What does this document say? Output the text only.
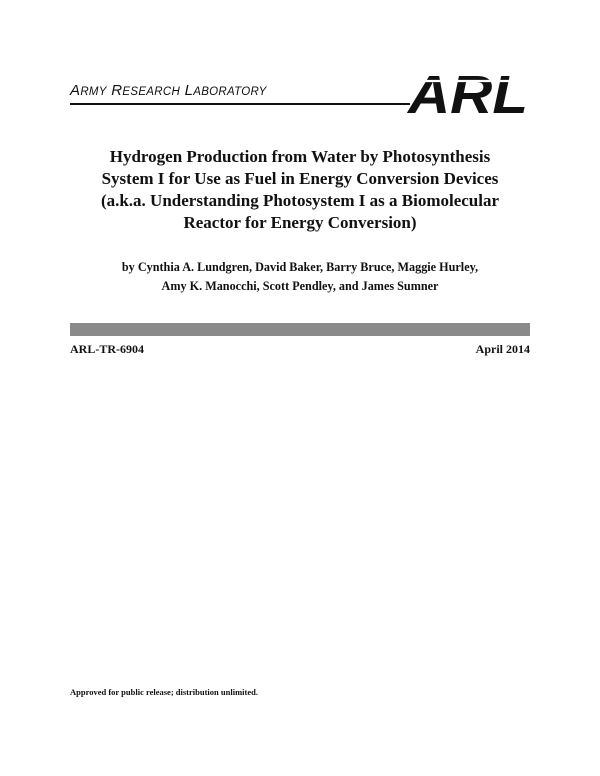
ARMY RESEARCH LABORATORY	ARL
Hydrogen Production from Water by Photosynthesis
System I for Use as Fuel in Energy Conversion Devices
(a.k.a. Understanding Photosystem I as a Biomolecular
Reactor for Energy Conversion)
by Cynthia A. Lundgren, David Baker, Barry Bruce, Maggie Hurley,
Amy K. Manocchi, Scott Pendley, and James Sumner
ARL-TR-6904	April 2014
Approved for public release; distribution unlimited.
